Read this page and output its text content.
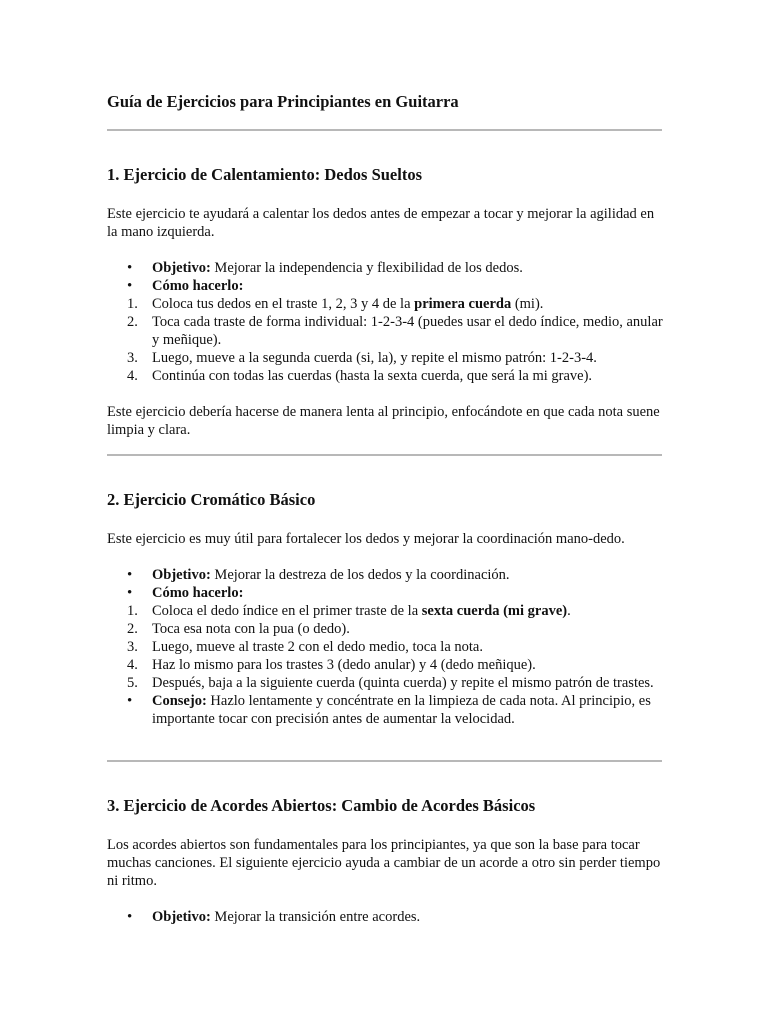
Guía de Ejercicios para Principiantes en Guitarra
1. Ejercicio de Calentamiento: Dedos Sueltos

Este ejercicio te ayudará a calentar los dedos antes de empezar a tocar y mejorar la agilidad en la mano izquierda.

• Objetivo: Mejorar la independencia y flexibilidad de los dedos.
• Cómo hacerlo:
1. Coloca tus dedos en el traste 1, 2, 3 y 4 de la primera cuerda (mi).
2. Toca cada traste de forma individual: 1-2-3-4 (puedes usar el dedo índice, medio, anular y meñique).
3. Luego, mueve a la segunda cuerda (si, la), y repite el mismo patrón: 1-2-3-4.
4. Continúa con todas las cuerdas (hasta la sexta cuerda, que será la mi grave).

Este ejercicio debería hacerse de manera lenta al principio, enfocándote en que cada nota suene limpia y clara.

2. Ejercicio Cromático Básico

Este ejercicio es muy útil para fortalecer los dedos y mejorar la coordinación mano-dedo.

• Objetivo: Mejorar la destreza de los dedos y la coordinación.
• Cómo hacerlo:
1. Coloca el dedo índice en el primer traste de la sexta cuerda (mi grave).
2. Toca esa nota con la pua (o dedo).
3. Luego, mueve al traste 2 con el dedo medio, toca la nota.
4. Haz lo mismo para los trastes 3 (dedo anular) y 4 (dedo meñique).
5. Después, baja a la siguiente cuerda (quinta cuerda) y repite el mismo patrón de trastes.
• Consejo: Hazlo lentamente y concéntrate en la limpieza de cada nota. Al principio, es importante tocar con precisión antes de aumentar la velocidad.
3. Ejercicio de Acordes Abiertos: Cambio de Acordes Básicos

Los acordes abiertos son fundamentales para los principiantes, ya que son la base para tocar muchas canciones. El siguiente ejercicio ayuda a cambiar de un acorde a otro sin perder tiempo ni ritmo.

• Objetivo: Mejorar la transición entre acordes.
